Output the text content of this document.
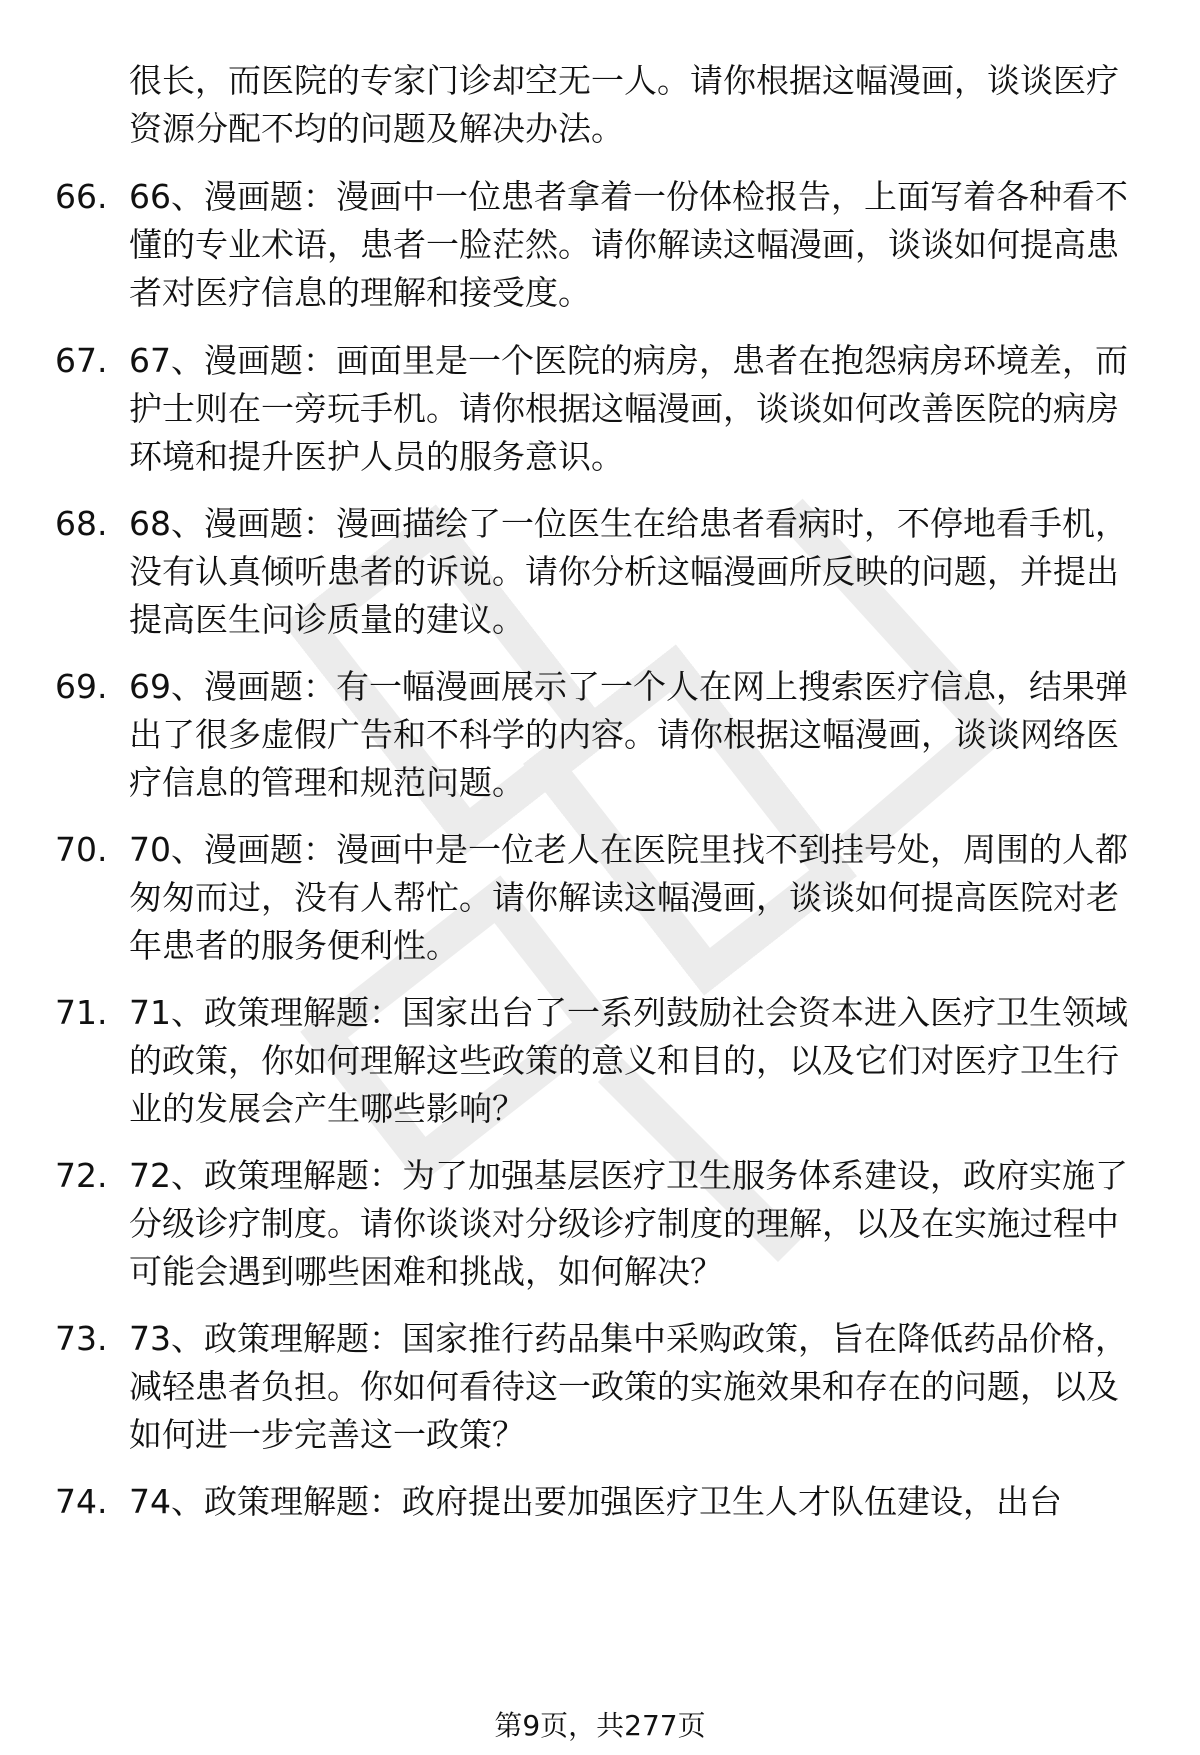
很长，而医院的专家门诊却空无一人。请你根据这幅漫画，谈谈医疗资源分配不均的问题及解决办法。

66. 66、漫画题：漫画中一位患者拿着一份体检报告，上面写着各种看不懂的专业术语，患者一脸茫然。请你解读这幅漫画，谈谈如何提高患者对医疗信息的理解和接受度。

67. 67、漫画题：画面里是一个医院的病房，患者在抱怨病房环境差，而护士则在一旁玩手机。请你根据这幅漫画，谈谈如何改善医院的病房环境和提升医护人员的服务意识。

68. 68、漫画题：漫画描绘了一位医生在给患者看病时，不停地看手机，没有认真倾听患者的诉说。请你分析这幅漫画所反映的问题，并提出提高医生问诊质量的建议。

69. 69、漫画题：有一幅漫画展示了一个人在网上搜索医疗信息，结果弹出了很多虚假广告和不科学的内容。请你根据这幅漫画，谈谈网络医疗信息的管理和规范问题。

70. 70、漫画题：漫画中是一位老人在医院里找不到挂号处，周围的人都匆匆而过，没有人帮忙。请你解读这幅漫画，谈谈如何提高医院对老年患者的服务便利性。

71. 71、政策理解题：国家出台了一系列鼓励社会资本进入医疗卫生领域的政策，你如何理解这些政策的意义和目的，以及它们对医疗卫生行业的发展会产生哪些影响？

72. 72、政策理解题：为了加强基层医疗卫生服务体系建设，政府实施了分级诊疗制度。请你谈谈对分级诊疗制度的理解，以及在实施过程中可能会遇到哪些困难和挑战，如何解决？

73. 73、政策理解题：国家推行药品集中采购政策，旨在降低药品价格，减轻患者负担。你如何看待这一政策的实施效果和存在的问题，以及如何进一步完善这一政策？

74. 74、政策理解题：政府提出要加强医疗卫生人才队伍建设，出台

第9页，共277页
